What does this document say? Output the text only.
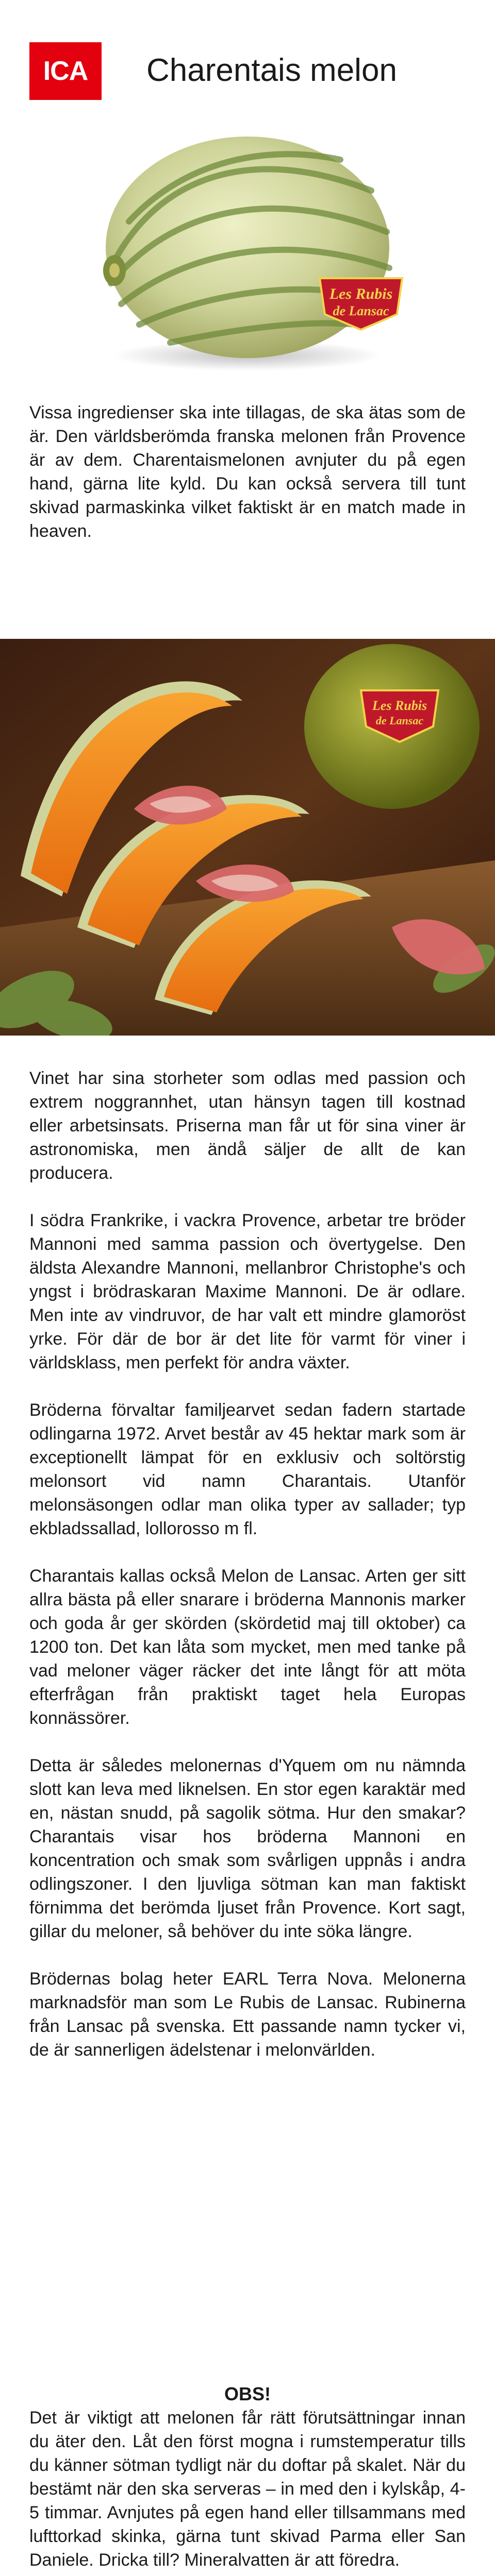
ICA Charentais melon
Les Rubis
de Lansac

Vissa ingredienser ska inte tillagas, de ska ätas som de är. Den världsberömda franska melonen från Provence är av dem. Charentaismelonen avnjuter du på egen hand, gärna lite kyld. Du kan också servera till tunt skivad parmaskinka vilket faktiskt är en match made in heaven.

Les Rubis
de Lansac

Vinet har sina storheter som odlas med passion och extrem noggrannhet, utan hänsyn tagen till kostnad eller arbetsinsats. Priserna man får ut för sina viner är astronomiska, men ändå säljer de allt de kan producera.

I södra Frankrike, i vackra Provence, arbetar tre bröder Mannoni med samma passion och övertygelse. Den äldsta Alexandre Mannoni, mellanbror Christophe's och yngst i brödraskaran Maxime Mannoni. De är odlare. Men inte av vindruvor, de har valt ett mindre glamoröst yrke. För där de bor är det lite för varmt för viner i världsklass, men perfekt för andra växter.

Bröderna förvaltar familjearvet sedan fadern startade odlingarna 1972. Arvet består av 45 hektar mark som är exceptionellt lämpat för en exklusiv och soltörstig melonsort vid namn Charantais. Utanför melonsäsongen odlar man olika typer av sallader; typ ekbladssallad, lollorosso m fl.

Charantais kallas också Melon de Lansac. Arten ger sitt allra bästa på eller snarare i bröderna Mannonis marker och goda år ger skörden (skördetid maj till oktober) ca 1200 ton. Det kan låta som mycket, men med tanke på vad meloner väger räcker det inte långt för att möta efterfrågan från praktiskt taget hela Europas konnässörer.

Detta är således melonernas d'Yquem om nu nämnda slott kan leva med liknelsen. En stor egen karaktär med en, nästan snudd, på sagolik sötma. Hur den smakar? Charantais visar hos bröderna Mannoni en koncentration och smak som svårligen uppnås i andra odlingszoner. I den ljuvliga sötman kan man faktiskt förnimma det berömda ljuset från Provence. Kort sagt, gillar du meloner, så behöver du inte söka längre.

Brödernas bolag heter EARL Terra Nova. Melonerna marknadsför man som Le Rubis de Lansac. Rubinerna från Lansac på svenska. Ett passande namn tycker vi, de är sannerligen ädelstenar i melonvärlden.

OBS!

Det är viktigt att melonen får rätt förutsättningar innan du äter den. Låt den först mogna i rumstemperatur tills du känner sötman tydligt när du doftar på skalet. När du bestämt när den ska serveras – in med den i kylskåp, 4-5 timmar. Avnjutes på egen hand eller tillsammans med lufttorkad skinka, gärna tunt skivad Parma eller San Daniele. Dricka till? Mineralvatten är att föredra.
